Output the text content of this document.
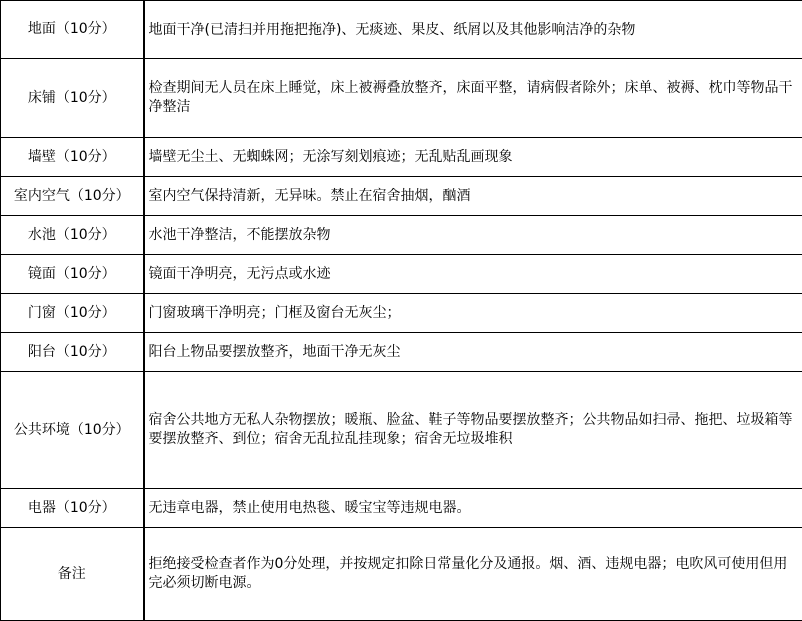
地面（10分）	地面干净(已清扫并用拖把拖净)、无痰迹、果皮、纸屑以及其他影响洁净的杂物
床铺（10分）	检查期间无人员在床上睡觉，床上被褥叠放整齐，床面平整，请病假者除外；床单、被褥、枕巾等物品干净整洁
墙壁（10分）	墙壁无尘土、无蜘蛛网；无涂写刻划痕迹；无乱贴乱画现象
室内空气（10分）	室内空气保持清新，无异味。禁止在宿舍抽烟，酗酒
水池（10分）	水池干净整洁，不能摆放杂物
镜面（10分）	镜面干净明亮，无污点或水迹
门窗（10分）	门窗玻璃干净明亮；门框及窗台无灰尘；
阳台（10分）	阳台上物品要摆放整齐，地面干净无灰尘
公共环境（10分）	宿舍公共地方无私人杂物摆放；暖瓶、脸盆、鞋子等物品要摆放整齐；公共物品如扫帚、拖把、垃圾箱等要摆放整齐、到位；宿舍无乱拉乱挂现象；宿舍无垃圾堆积
电器（10分）	无违章电器，禁止使用电热毯、暖宝宝等违规电器。
备注	拒绝接受检查者作为0分处理，并按规定扣除日常量化分及通报。烟、酒、违规电器；电吹风可使用但用完必须切断电源。
